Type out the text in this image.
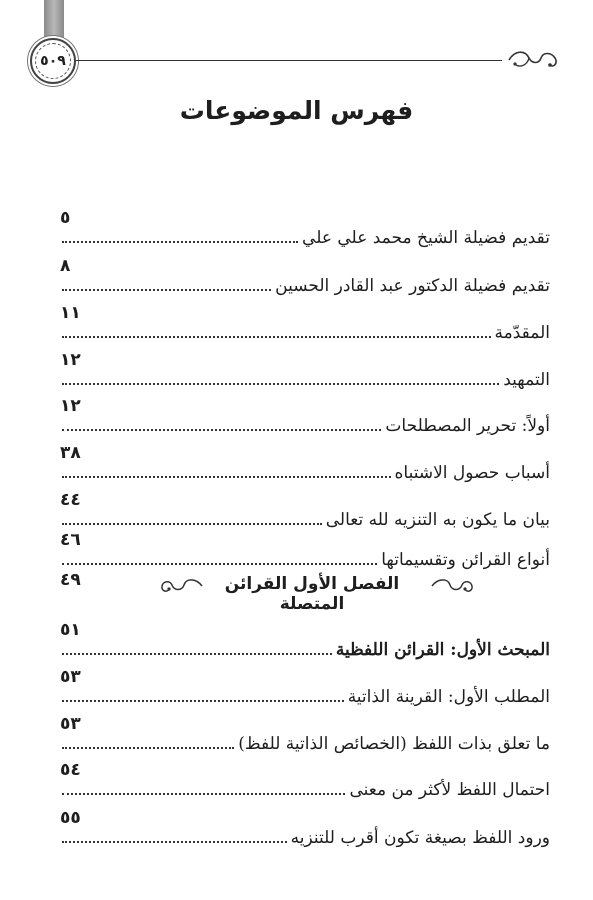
٥٠٩
فهرس الموضوعات
تقديم فضيلة الشيخ محمد علي علي
٥
تقديم فضيلة الدكتور عبد القادر الحسين
٨
المقدّمة
١١
التمهيد
١٢
أولاً: تحرير المصطلحات
١٢
أسباب حصول الاشتباه
٣٨
بيان ما يكون به التنزيه لله تعالى
٤٤
أنواع القرائن وتقسيماتها
٤٦
٤٩	الفصل الأول القرائن المتصلة
المبحث الأول: القرائن اللفظية
٥١
المطلب الأول: القرينة الذاتية
٥٣
ما تعلق بذات اللفظ (الخصائص الذاتية للفظ)
٥٣
احتمال اللفظ لأكثر من معنى
٥٤
ورود اللفظ بصيغة تكون أقرب للتنزيه
٥٥
